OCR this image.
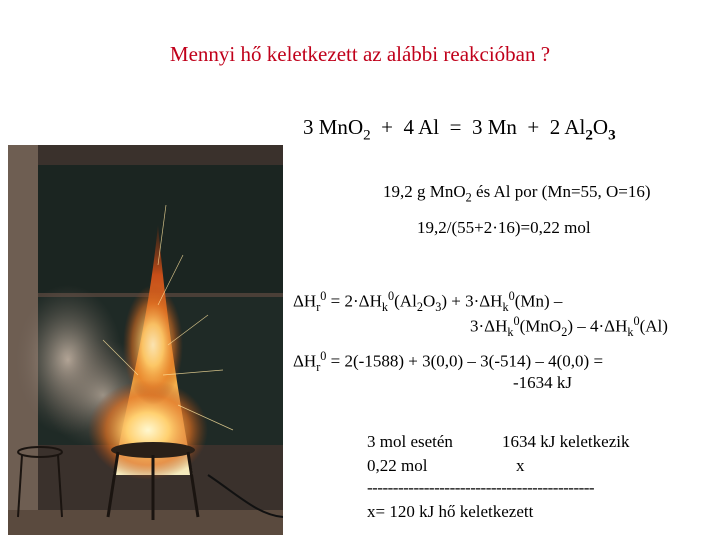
Mennyi hő keletkezett az alábbi reakcióban ?
3 MnO$_2$ + 4 Al = 3 Mn + 2 $Al_2O_3$
19,2 g MnO$_2$ és Al por (Mn=55, O=16)
19,2/(55+2·16)=0,22 mol
$\Delta H_r^0 = 2\cdot\Delta H_k^0(Al_2O_3) + 3\cdot\Delta H_k^0(Mn)$ –
$3\cdot\Delta H_k^0(MnO_2) - 4\cdot\Delta H_k^0(Al)$
$\Delta H_r^0 = 2(-1588) + 3(0,0) - 3(-514) - 4(0,0)$ =
-1634 kJ
3 mol esetén	1634 kJ keletkezik
0,22 mol	x
--------------------------------------------
x= 120 kJ hő keletkezett
